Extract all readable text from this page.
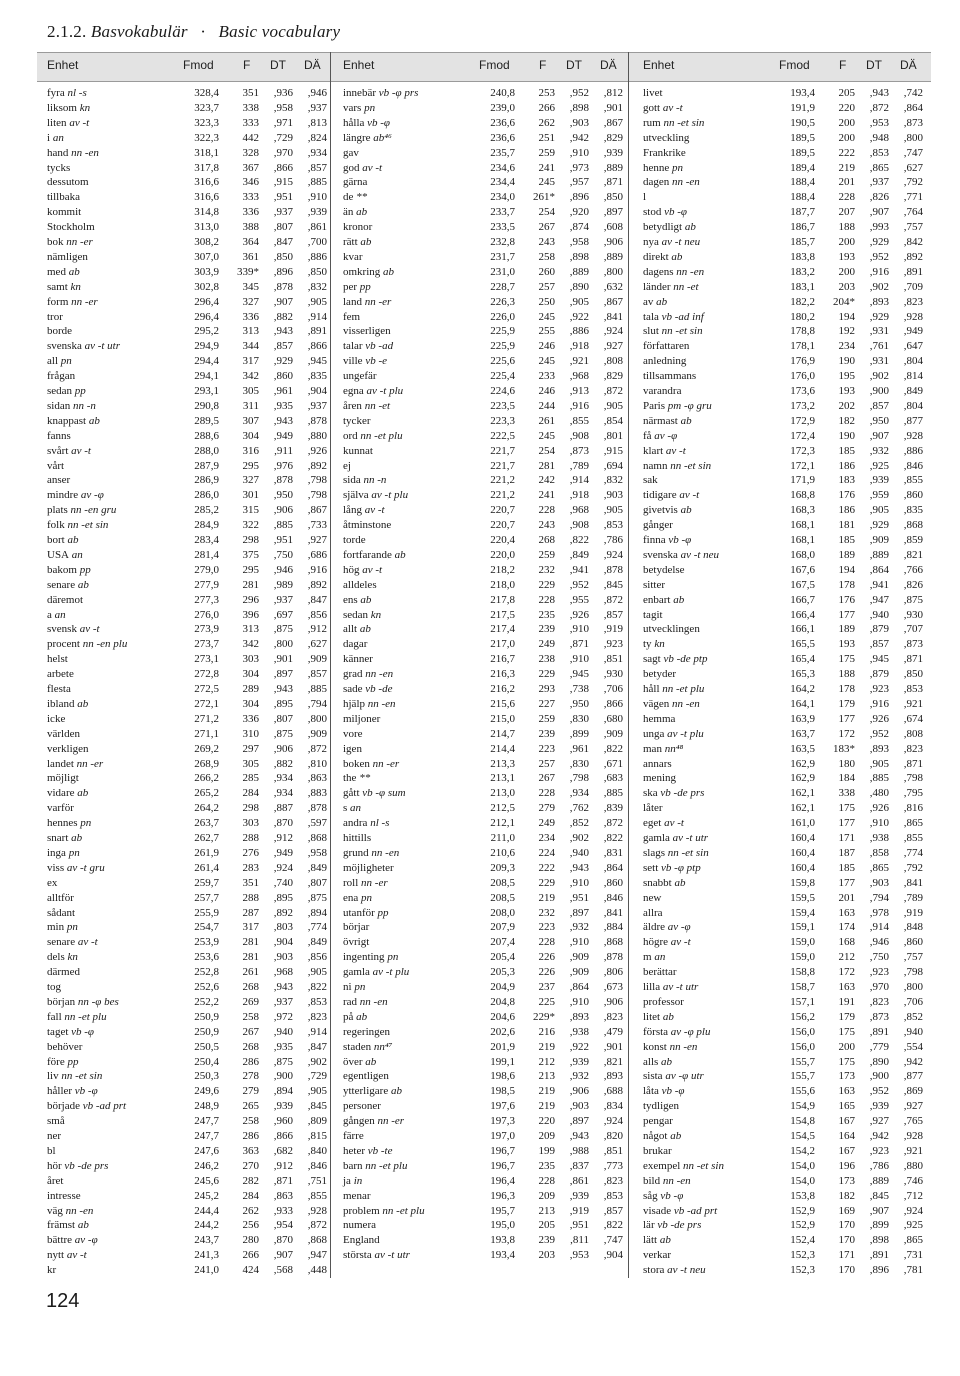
2.1.2. Basvokabulär · Basic vocabulary
Enhet	Fmod F DT DÄ Enhet	Fmod F DT DÄ Enhet	Fmod F DT DÄ
fyra nl -s	328,4	351	,936	,946
liksom kn	323,7	338	,958	,937
liten av -t	323,3	333	,971	,813
i an	322,3	442	,729	,824
hand nn -en	318,1	328	,970	,934
tycks	317,8	367	,866	,857
dessutom	316,6	346	,915	,885
tillbaka	316,6	333	,951	,910
kommit	314,8	336	,937	,939
Stockholm	313,0	388	,807	,861
bok nn -er	308,2	364	,847	,700
nämligen	307,0	361	,850	,886
med ab	303,9	339*	,896	,850
samt kn	302,8	345	,878	,832
form nn -er	296,4	327	,907	,905
tror	296,4	336	,882	,914
borde	295,2	313	,943	,891
svenska av -t utr	294,9	344	,857	,866
all pn	294,4	317	,929	,945
frågan	294,1	342	,860	,835
sedan pp	293,1	305	,961	,904
sidan nn -n	290,8	311	,935	,937
knappast ab	289,5	307	,943	,878
fanns	288,6	304	,949	,880
svårt av -t	288,0	316	,911	,926
vårt	287,9	295	,976	,892
anser	286,9	327	,878	,798
mindre av -φ	286,0	301	,950	,798
plats nn -en gru	285,2	315	,906	,867
folk nn -et sin	284,9	322	,885	,733
bort ab	283,4	298	,951	,927
USA an	281,4	375	,750	,686
bakom pp	279,0	295	,946	,916
senare ab	277,9	281	,989	,892
däremot	277,3	296	,937	,847
a an	276,0	396	,697	,856
svensk av -t	273,9	313	,875	,912
procent nn -en plu	273,7	342	,800	,627
helst	273,1	303	,901	,909
arbete	272,8	304	,897	,857
flesta	272,5	289	,943	,885
ibland ab	272,1	304	,895	,794
icke	271,2	336	,807	,800
världen	271,1	310	,875	,909
verkligen	269,2	297	,906	,872
landet nn -er	268,9	305	,882	,810
möjligt	266,2	285	,934	,863
vidare ab	265,2	284	,934	,883
varför	264,2	298	,887	,878
hennes pn	263,7	303	,870	,597
snart ab	262,7	288	,912	,868
inga pn	261,9	276	,949	,958
viss av -t gru	261,4	283	,924	,849
ex	259,7	351	,740	,807
alltför	257,7	288	,895	,875
sådant	255,9	287	,892	,894
min pn	254,7	317	,803	,774
senare av -t	253,9	281	,904	,849
dels kn	253,6	281	,903	,856
därmed	252,8	261	,968	,905
tog	252,6	268	,943	,822
början nn -φ bes	252,2	269	,937	,853
fall nn -et plu	250,9	258	,972	,823
taget vb -φ	250,9	267	,940	,914
behöver	250,5	268	,935	,847
före pp	250,4	286	,875	,902
liv nn -et sin	250,3	278	,900	,729
håller vb -φ	249,6	279	,894	,905
började vb -ad prt	248,9	265	,939	,845
små	247,7	258	,960	,809
ner	247,7	286	,866	,815
bl	247,6	363	,682	,840
hör vb -de prs	246,2	270	,912	,846
året	245,6	282	,871	,751
intresse	245,2	284	,863	,855
väg nn -en	244,4	262	,933	,928
främst ab	244,2	256	,954	,872
bättre av -φ	243,7	280	,870	,868
nytt av -t	241,3	266	,907	,947
kr	241,0	424	,568	,448
innebär vb -φ prs	240,8	253	,952	,812
vars pn	239,0	266	,898	,901
hålla vb -φ	236,6	262	,903	,867
längre ab⁴⁶	236,6	251	,942	,829
gav	235,7	259	,910	,939
god av -t	234,6	241	,973	,889
gärna	234,4	245	,957	,871
de **	234,0	261*	,896	,850
än ab	233,7	254	,920	,897
kronor	233,5	267	,874	,608
rätt ab	232,8	243	,958	,906
kvar	231,7	258	,898	,889
omkring ab	231,0	260	,889	,800
per pp	228,7	257	,890	,632
land nn -er	226,3	250	,905	,867
fem	226,0	245	,922	,841
visserligen	225,9	255	,886	,924
talar vb -ad	225,9	246	,918	,927
ville vb -e	225,6	245	,921	,808
ungefär	225,4	233	,968	,829
egna av -t plu	224,6	246	,913	,872
åren nn -et	223,5	244	,916	,905
tycker	223,3	261	,855	,854
ord nn -et plu	222,5	245	,908	,801
kunnat	221,7	254	,873	,915
ej	221,7	281	,789	,694
sida nn -n	221,2	242	,914	,832
själva av -t plu	221,2	241	,918	,903
lång av -t	220,7	228	,968	,905
åtminstone	220,7	243	,908	,853
torde	220,4	268	,822	,786
fortfarande ab	220,0	259	,849	,924
hög av -t	218,2	232	,941	,878
alldeles	218,0	229	,952	,845
ens ab	217,8	228	,955	,872
sedan kn	217,5	235	,926	,857
allt ab	217,4	239	,910	,919
dagar	217,0	249	,871	,923
känner	216,7	238	,910	,851
grad nn -en	216,3	229	,945	,930
sade vb -de	216,2	293	,738	,706
hjälp nn -en	215,6	227	,950	,866
miljoner	215,0	259	,830	,680
vore	214,7	239	,899	,909
igen	214,4	223	,961	,822
boken nn -er	213,3	257	,830	,671
the **	213,1	267	,798	,683
gått vb -φ sum	213,0	228	,934	,885
s an	212,5	279	,762	,839
andra nl -s	212,1	249	,852	,872
hittills	211,0	234	,902	,822
grund nn -en	210,6	224	,940	,831
möjligheter	209,3	222	,943	,864
roll nn -er	208,5	229	,910	,860
ena pn	208,5	219	,951	,846
utanför pp	208,0	232	,897	,841
börjar	207,9	223	,932	,884
övrigt	207,4	228	,910	,868
ingenting pn	205,4	226	,909	,878
gamla av -t plu	205,3	226	,909	,806
ni pn	204,9	237	,864	,673
rad nn -en	204,8	225	,910	,906
på ab	204,6	229*	,893	,823
regeringen	202,6	216	,938	,479
staden nn⁴⁷	201,9	219	,922	,901
över ab	199,1	212	,939	,821
egentligen	198,6	213	,932	,893
ytterligare ab	198,5	219	,906	,688
personer	197,6	219	,903	,834
gången nn -er	197,3	220	,897	,924
färre	197,0	209	,943	,820
heter vb -te	196,7	199	,988	,851
barn nn -et plu	196,7	235	,837	,773
ja in	196,4	228	,861	,823
menar	196,3	209	,939	,853
problem nn -et plu	195,7	213	,919	,857
numera	195,0	205	,951	,822
England	193,8	239	,811	,747
största av -t utr	193,4	203	,953	,904
livet	193,4	205	,943	,742
gott av -t	191,9	220	,872	,864
rum nn -et sin	190,5	200	,953	,873
utveckling	189,5	200	,948	,800
Frankrike	189,5	222	,853	,747
henne pn	189,4	219	,865	,627
dagen nn -en	188,4	201	,937	,792
l	188,4	228	,826	,771
stod vb -φ	187,7	207	,907	,764
betydligt ab	186,7	188	,993	,757
nya av -t neu	185,7	200	,929	,842
direkt ab	183,8	193	,952	,892
dagens nn -en	183,2	200	,916	,891
länder nn -et	183,1	203	,902	,709
av ab	182,2	204*	,893	,823
tala vb -ad inf	180,2	194	,929	,928
slut nn -et sin	178,8	192	,931	,949
författaren	178,1	234	,761	,647
anledning	176,9	190	,931	,804
tillsammans	176,0	195	,902	,814
varandra	173,6	193	,900	,849
Paris pm -φ gru	173,2	202	,857	,804
närmast ab	172,9	182	,950	,877
få av -φ	172,4	190	,907	,928
klart av -t	172,3	185	,932	,886
namn nn -et sin	172,1	186	,925	,846
sak	171,9	183	,939	,855
tidigare av -t	168,8	176	,959	,860
givetvis ab	168,3	186	,905	,835
gånger	168,1	181	,929	,868
finna vb -φ	168,1	185	,909	,859
svenska av -t neu	168,0	189	,889	,821
betydelse	167,6	194	,864	,766
sitter	167,5	178	,941	,826
enbart ab	166,7	176	,947	,875
tagit	166,4	177	,940	,930
utvecklingen	166,1	189	,879	,707
ty kn	165,5	193	,857	,873
sagt vb -de ptp	165,4	175	,945	,871
betyder	165,3	188	,879	,850
håll nn -et plu	164,2	178	,923	,853
vägen nn -en	164,1	179	,916	,921
hemma	163,9	177	,926	,674
unga av -t plu	163,7	172	,952	,808
man nn⁴⁸	163,5	183*	,893	,823
annars	162,9	180	,905	,871
mening	162,9	184	,885	,798
ska vb -de prs	162,1	338	,480	,795
låter	162,1	175	,926	,816
eget av -t	161,0	177	,910	,865
gamla av -t utr	160,4	171	,938	,855
slags nn -et sin	160,4	187	,858	,774
sett vb -φ ptp	160,4	185	,865	,792
snabbt ab	159,8	177	,903	,841
new	159,5	201	,794	,789
allra	159,4	163	,978	,919
äldre av -φ	159,1	174	,914	,848
högre av -t	159,0	168	,946	,860
m an	159,0	212	,750	,757
berättar	158,8	172	,923	,798
lilla av -t utr	158,7	163	,970	,800
professor	157,1	191	,823	,706
litet ab	156,2	179	,873	,852
första av -φ plu	156,0	175	,891	,940
konst nn -en	156,0	200	,779	,554
alls ab	155,7	175	,890	,942
sista av -φ utr	155,7	173	,900	,877
låta vb -φ	155,6	163	,952	,869
tydligen	154,9	165	,939	,927
pengar	154,8	167	,927	,765
något ab	154,5	164	,942	,928
brukar	154,2	167	,923	,921
exempel nn -et sin	154,0	196	,786	,880
bild nn -en	154,0	173	,889	,746
såg vb -φ	153,8	182	,845	,712
visade vb -ad prt	152,9	169	,907	,924
lär vb -de prs	152,9	170	,899	,925
lätt ab	152,4	170	,898	,865
verkar	152,3	171	,891	,731
stora av -t neu	152,3	170	,896	,781
124
